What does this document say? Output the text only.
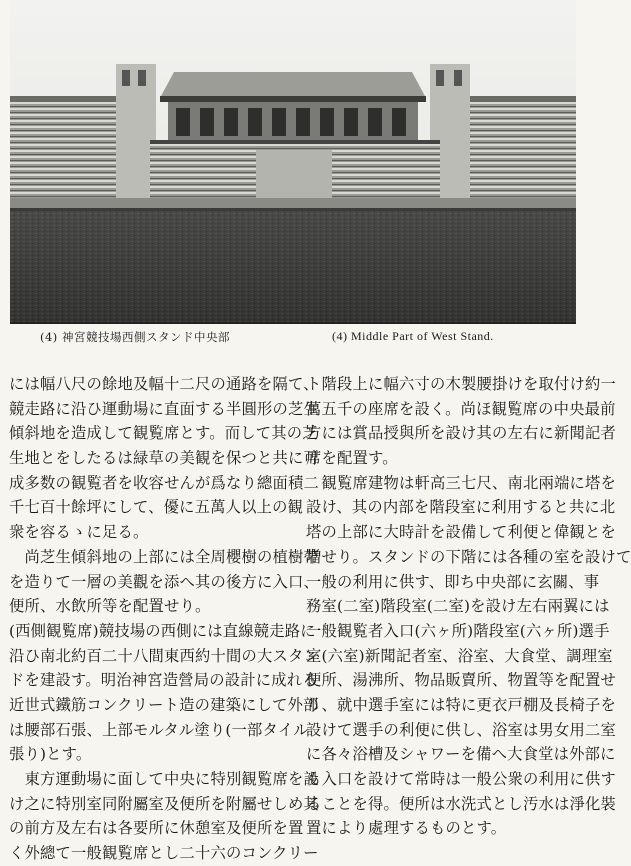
(4) 神宮競技場西側スタンド中央部	(4) Middle Part of West Stand.
には幅八尺の餘地及幅十二尺の通路を隔て、
競走路に沿ひ運動場に直面する半圓形の芝生
傾斜地を造成して観覧席とす。而して其の芝
生地とをしたるは緑草の美観を保つと共に可
成多数の観覧者を收容せんが爲なり總面積二
千七百十餘坪にして、優に五萬人以上の観
衆を容るゝに足る。
　尚芝生傾斜地の上部には全周櫻樹の植樹帶
を造りて一層の美觀を添へ其の後方に入口、
便所、水飲所等を配置せり。
(西側観覧席)競技場の西側には直線競走路に
沿ひ南北約百二十八間東西約十間の大スタン
ドを建設す。明治神宮造營局の設計に成れる
近世式鐵筋コンクリート造の建築にして外部
は腰部石張、上部モルタル塗り(一部タイル
張り)とす。
　東方運動場に面して中央に特別観覧席を設
け之に特別室同附屬室及便所を附屬せしめ其
の前方及左右は各要所に休憩室及便所を置
く外總て一般観覧席とし二十六のコンクリー
ト階段上に幅六寸の木製腰掛けを取付け約一
萬五千の座席を設く。尚ほ観覧席の中央最前
方には賞品授與所を設け其の左右に新聞記者
席を配置す。
　観覧席建物は軒高三七尺、南北兩端に塔を
設け、其の内部を階段室に利用すると共に北
塔の上部に大時計を設備して利便と偉観とを
増せり。スタンドの下階には各種の室を設けて
一般の利用に供す、即ち中央部に玄關、事
務室(二室)階段室(二室)を設け左右兩翼には
一般観覧者入口(六ヶ所)階段室(六ヶ所)選手
室(六室)新聞記者室、浴室、大食堂、調理室
便所、湯沸所、物品販賣所、物置等を配置せ
り、就中選手室には特に更衣戸棚及長椅子を
設けて選手の利便に供し、浴室は男女用二室
に各々浴槽及シャワーを備へ大食堂は外部に
も入口を設けて常時は一般公衆の利用に供す
ることを得。便所は水洗式とし汚水は淨化裝
置により處理するものとす。
